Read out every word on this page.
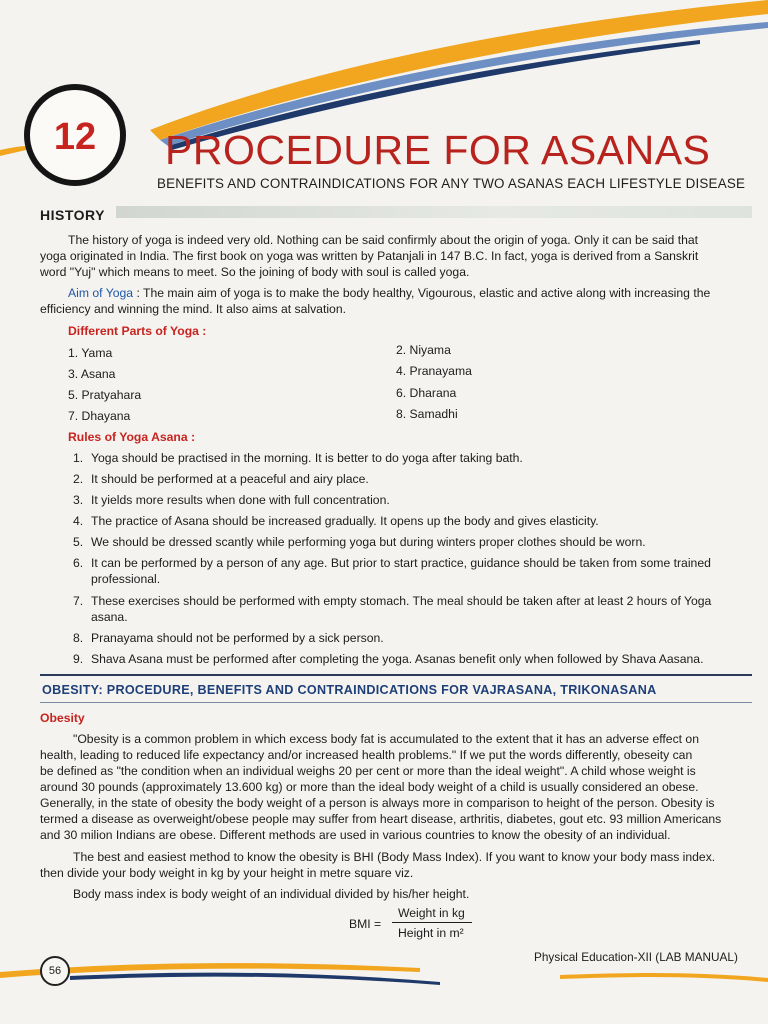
12	PROCEDURE FOR ASANAS
BENEFITS AND CONTRAINDICATIONS FOR ANY TWO ASANAS EACH LIFESTYLE DISEASE
HISTORY
The history of yoga is indeed very old. Nothing can be said confirmly about the origin of yoga. Only it can be said that
yoga originated in India. The first book on yoga was written by Patanjali in 147 B.C. In fact, yoga is derived from a Sanskrit
word "Yuj" which means to meet. So the joining of body with soul is called yoga.
Aim of Yoga : The main aim of yoga is to make the body healthy, Vigourous, elastic and active along with increasing the
efficiency and winning the mind. It also aims at salvation.
Different Parts of Yoga :
1. Yama	2. Niyama
3. Asana	4. Pranayama
5. Pratyahara	6. Dharana
7. Dhayana	8. Samadhi
Rules of Yoga Asana :
1. Yoga should be practised in the morning. It is better to do yoga after taking bath.
2. It should be performed at a peaceful and airy place.
3. It yields more results when done with full concentration.
4. The practice of Asana should be increased gradually. It opens up the body and gives elasticity.
5. We should be dressed scantly while performing yoga but during winters proper clothes should be worn.
6. It can be performed by a person of any age. But prior to start practice, guidance should be taken from some trained
professional.
7. These exercises should be performed with empty stomach. The meal should be taken after at least 2 hours of Yoga
asana.
8. Pranayama should not be performed by a sick person.
9. Shava Asana must be performed after completing the yoga. Asanas benefit only when followed by Shava Aasana.
OBESITY: PROCEDURE, BENEFITS AND CONTRAINDICATIONS FOR VAJRASANA, TRIKONASANA
Obesity
"Obesity is a common problem in which excess body fat is accumulated to the extent that it has an adverse effect on
health, leading to reduced life expectancy and/or increased health problems." If we put the words differently, obeseity can
be defined as "the condition when an individual weighs 20 per cent or more than the ideal weight". A child whose weight is
around 30 pounds (approximately 13.600 kg) or more than the ideal body weight of a child is usually considered an obese.
Generally, in the state of obesity the body weight of a person is always more in comparison to height of the person. Obesity is
termed a disease as overweight/obese people may suffer from heart disease, arthritis, diabetes, gout etc. 93 million Americans
and 30 milion Indians are obese. Different methods are used in various countries to know the obesity of an individual.
The best and easiest method to know the obesity is BHI (Body Mass Index). If you want to know your body mass index.
then divide your body weight in kg by your height in metre square viz.
Body mass index is body weight of an individual divided by his/her height.
BMI =
Weight in kg
Height in m²
Physical Education-XII (LAB MANUAL)
56
